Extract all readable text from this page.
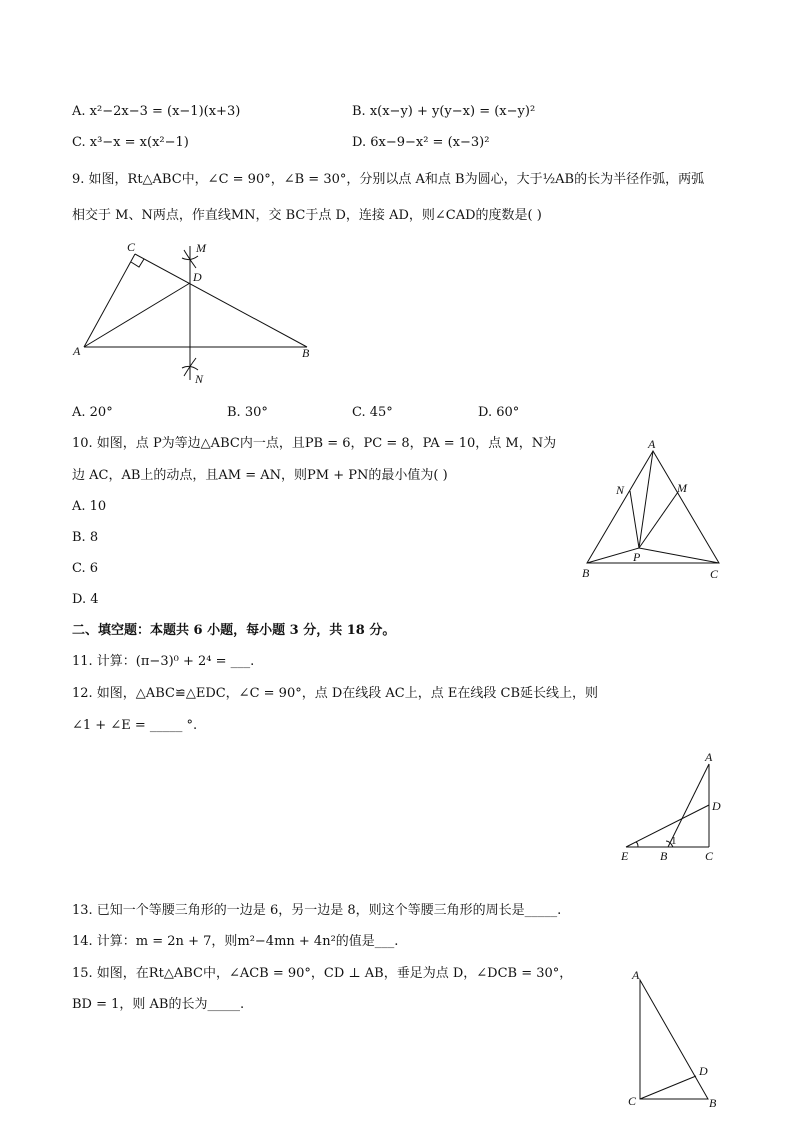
A. x²−2x−3 = (x−1)(x+3)	B. x(x−y) + y(y−x) = (x−y)²
C. x³−x = x(x²−1)	D. 6x−9−x² = (x−3)²
9. 如图，Rt△ABC中，∠C = 90°，∠B = 30°，分别以点 A和点 B为圆心，大于½AB的长为半径作弧，两弧
相交于 M、N两点，作直线MN，交 BC于点 D，连接 AD，则∠CAD的度数是( )
C	M
D
A	B
N
A. 20°	B. 30°	C. 45°	D. 60°
10. 如图，点 P为等边△ABC内一点，且PB = 6，PC = 8，PA = 10，点 M，N为
边 AC，AB上的动点，且AM = AN，则PM + PN的最小值为( )
A. 10
B. 8
C. 6
D. 4
A
N	M
P
B	C
二、填空题：本题共 6 小题，每小题 3 分，共 18 分。
11. 计算：(π−3)⁰ + 2⁴ = ___.
12. 如图，△ABC≌△EDC，∠C = 90°，点 D在线段 AC上，点 E在线段 CB延长线上，则
∠1 + ∠E = _____ °.
A
D
E	B
1
C
13. 已知一个等腰三角形的一边是 6，另一边是 8，则这个等腰三角形的周长是_____.
14. 计算：m = 2n + 7，则m²−4mn + 4n²的值是___.
15. 如图，在Rt△ABC中，∠ACB = 90°，CD ⊥ AB，垂足为点 D，∠DCB = 30°，
BD = 1，则 AB的长为_____.
A
D
C	B
